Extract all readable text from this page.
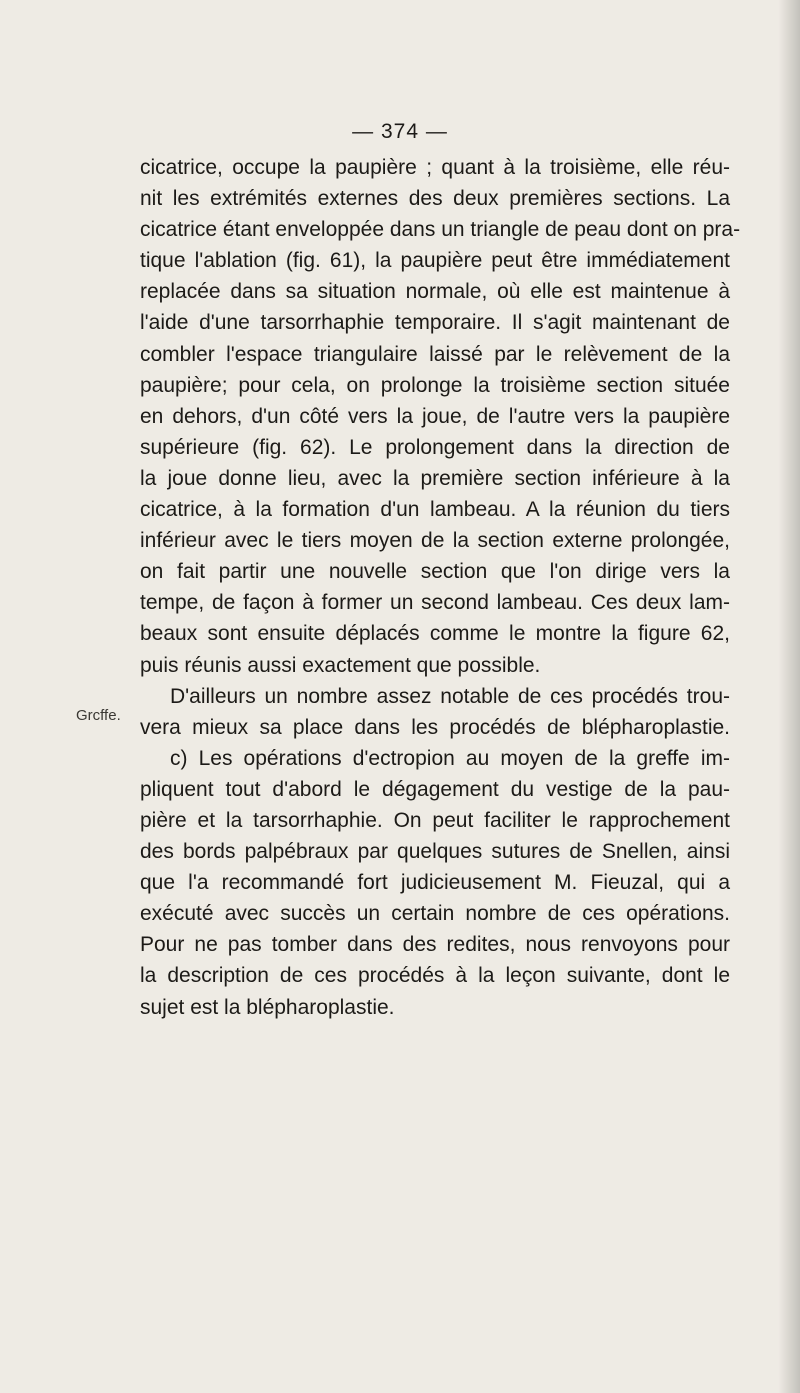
— 374 —
Grcffe.
cicatrice, occupe la paupière ; quant à la troisième, elle réu-
nit les extrémités externes des deux premières sections. La
cicatrice étant enveloppée dans un triangle de peau dont on pra-
tique l'ablation (fig. 61), la paupière peut être immédiatement
replacée dans sa situation normale, où elle est maintenue à
l'aide d'une tarsorrhaphie temporaire. Il s'agit maintenant de
combler l'espace triangulaire laissé par le relèvement de la
paupière; pour cela, on prolonge la troisième section située
en dehors, d'un côté vers la joue, de l'autre vers la paupière
supérieure (fig. 62). Le prolongement dans la direction de
la joue donne lieu, avec la première section inférieure à la
cicatrice, à la formation d'un lambeau. A la réunion du tiers
inférieur avec le tiers moyen de la section externe prolongée,
on fait partir une nouvelle section que l'on dirige vers la
tempe, de façon à former un second lambeau. Ces deux lam-
beaux sont ensuite déplacés comme le montre la figure 62,
puis réunis aussi exactement que possible.
D'ailleurs un nombre assez notable de ces procédés trou-
vera mieux sa place dans les procédés de blépharoplastie.
c) Les opérations d'ectropion au moyen de la greffe im-
pliquent tout d'abord le dégagement du vestige de la pau-
pière et la tarsorrhaphie. On peut faciliter le rapprochement
des bords palpébraux par quelques sutures de Snellen, ainsi
que l'a recommandé fort judicieusement M. Fieuzal, qui a
exécuté avec succès un certain nombre de ces opérations.
Pour ne pas tomber dans des redites, nous renvoyons pour
la description de ces procédés à la leçon suivante, dont le
sujet est la blépharoplastie.
